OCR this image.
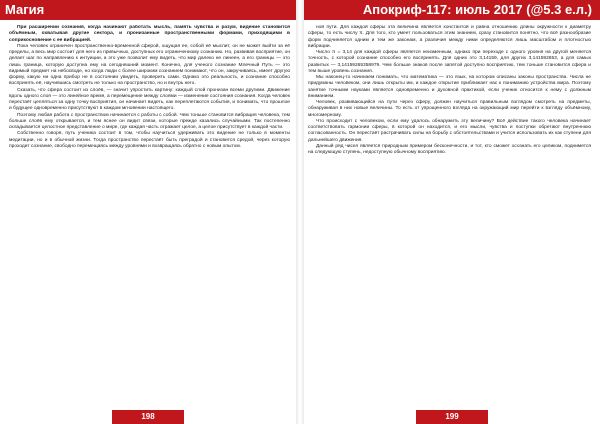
Магия

При расширении сознания, когда начинают работать мысль, память чувства и разум, видение становится объёмным, охватывая другие сектора, и пронизанные пространственными формами, приходящими в соприкосновение с ее вибрацией.

Пока человек ограничен пространственно-временной сферой, ощущая ее, собой её мыслит, он не может выйти за её пределы, а весь мир состоит для него из привычных, доступных его ограниченному сознанию. Но, развивая восприятие, он делает шаг по направлению к интуиции, а это уже позволит ему видеть, что мир далеко не линеен, а его границы — это лишь граница, которую доступна ему на сегодняшний момент. Конечно, для ученого сознание Млечный Путь — это видимый предмет на небосводе, но когда люди с более широким сознанием понимают, что он, закручиваясь, имеет другую форму, какую ни одна прибор не в состоянии увидеть, проверить сами. Однако это реальность, и сознание способно воспринять её, научившись смотреть не только на пространство, но и внутрь него.

Сказать, что сфера состоит из слоёв, — значит упростить картину: каждый слой пронизан всеми другими. Движение вдоль одного слоя — это линейное время, а перемещение между слоями — изменение состояния сознания. Когда человек перестаёт цепляться за одну точку восприятия, он начинает видеть, как переплетаются события, и понимать, что прошлое и будущее одновременно присутствуют в каждом мгновении настоящего.

Поэтому любая работа с пространством начинается с работы с собой. Чем тоньше становится вибрация человека, тем больше слоёв ему открывается, и тем яснее он видит связи, которые прежде казались случайными. Так постепенно складывается целостное представление о мире, где каждая часть отражает целое, а целое присутствует в каждой части.

Собственно говоря, путь ученика состоит в том, чтобы научиться удерживать это видение не только в моменты медитации, но и в обычной жизни. Тогда пространство перестаёт быть преградой и становится средой, через которую проходит сознание, свободно перемещаясь между уровнями и возвращаясь обратно с новым опытом.

198
Апокриф-117: июль 2017 (@5.3 е.л.)

ной пути. Для каждой сферы эта величина является константой и равна отношению длины окружности к диаметру сферы, то есть числу π. Для того, кто умеет пользоваться этим знанием, сразу становится понятно, что всё разнообразие форм подчиняется одним и тем же законам, а различия между ними определяются лишь масштабом и плотностью вибрации.

Число π = 3,14 для каждой сферы является неизменным, однако при переходе с одного уровня на другой меняется точность, с которой сознание способно его воспринять. Для одних это 3,14159, для других 3,141592653, а для самых развитых — 3,14159265358979. Чем больше знаков после запятой доступно восприятию, тем тоньше становится сфера и тем выше уровень сознания.

Мы наконец-то начинаем понимать, что математика — это язык, на котором описаны законы пространства. Числа не придуманы человеком, они лишь открыты им, и каждое открытие приближает нас к пониманию устройства мира. Поэтому занятие точными науками является одновременно и духовной практикой, если ученик относится к нему с должным вниманием.

Человек, развивающийся на пути через сферу, должен научиться правильным взглядом смотреть на предметы, обнаруживая в них новые величины. То есть от упрощенного взгляда на окружающий мир перейти к взгляду объёмному, многомерному.

Что происходит с человеком, если ему удалось обнаружить эту величину? Всё действие такого человека начинает соответствовать гармонии сферы, в которой он находится, и его мысли, чувства и поступки обретают внутреннюю согласованность. Он перестаёт растрачивать силы на борьбу с обстоятельствами и учится использовать их как ступени для дальнейшего движения.

Данный ряд чисел является природным примером бесконечности, и тот, кто сможет осознать его целиком, поднимется на следующую ступень, недоступную обычному восприятию.

199
